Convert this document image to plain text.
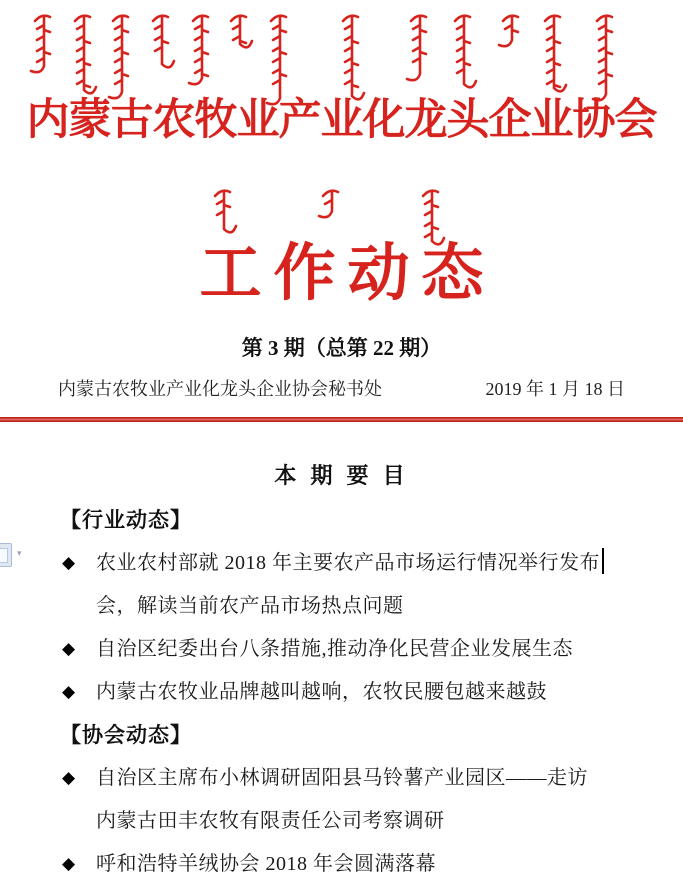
内蒙古农牧业产业化龙头企业协会
工作动态
第 3 期（总第 22 期）
内蒙古农牧业产业化龙头企业协会秘书处	2019 年 1 月 18 日
本 期 要 目
【行业动态】
◆ 农业农村部就 2018 年主要农产品市场运行情况举行发布
会，解读当前农产品市场热点问题
◆ 自治区纪委出台八条措施,推动净化民营企业发展生态
◆ 内蒙古农牧业品牌越叫越响，农牧民腰包越来越鼓
【协会动态】
◆ 自治区主席布小林调研固阳县马铃薯产业园区——走访
内蒙古田丰农牧有限责任公司考察调研
◆ 呼和浩特羊绒协会 2018 年会圆满落幕
▾
